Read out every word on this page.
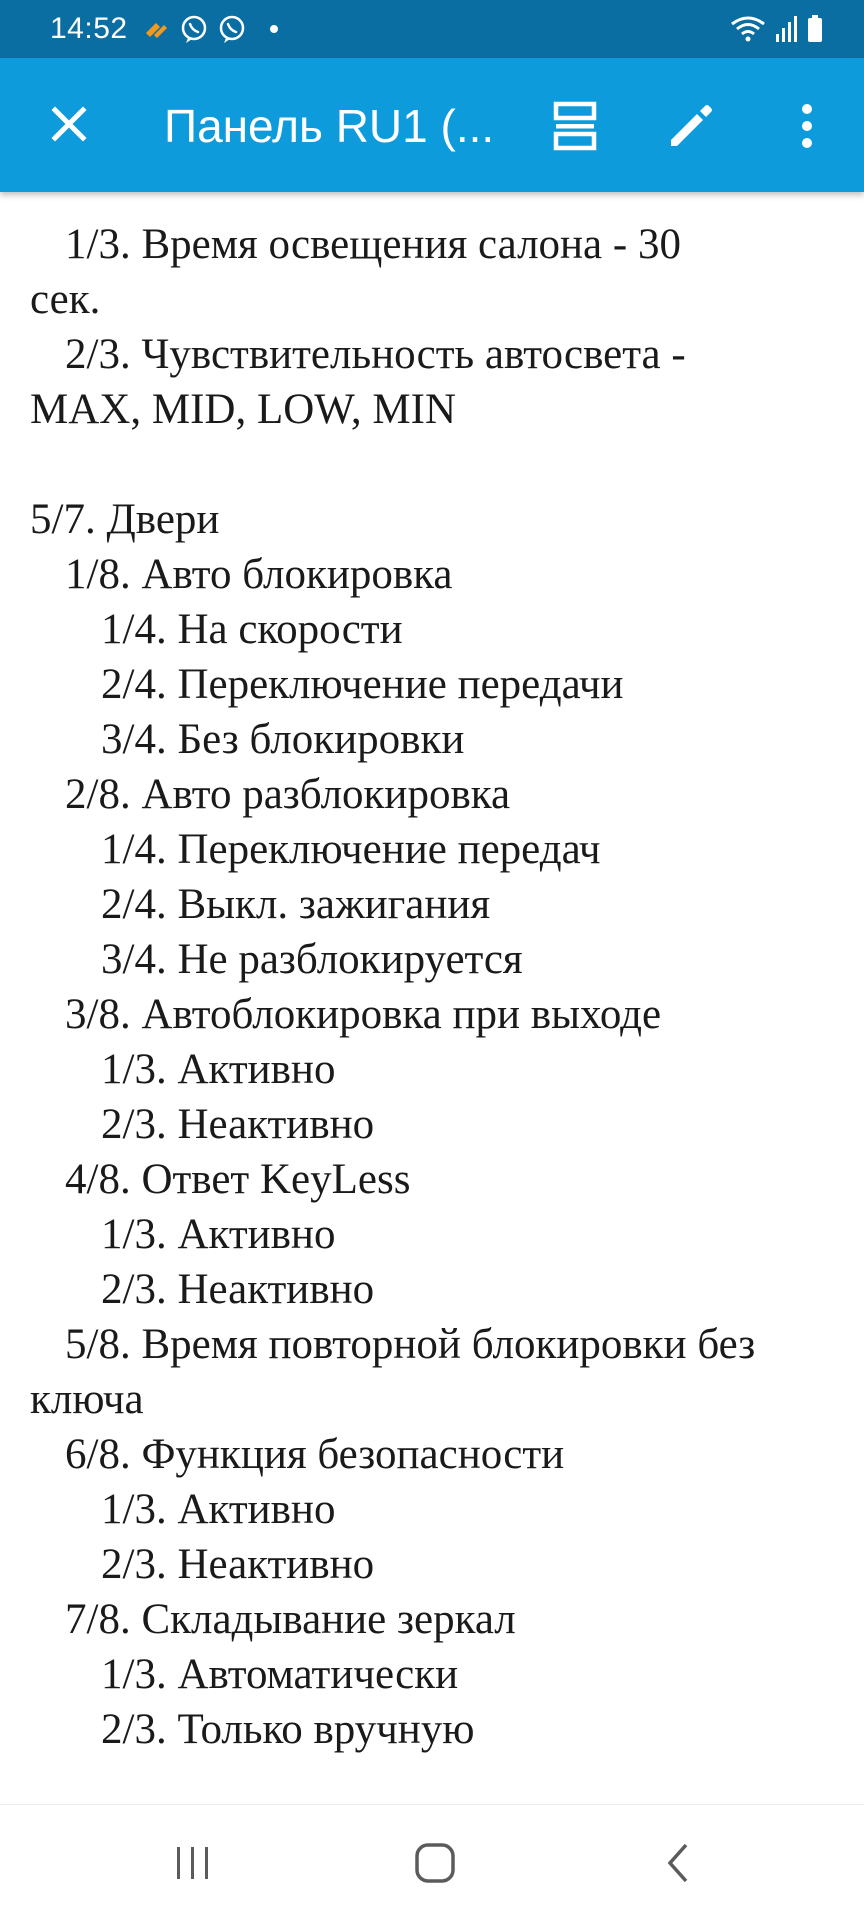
14:52
Панель RU1 (...
1/3. Время освещения салона - 30
сек.
2/3. Чувствительность автосвета -
MAX, MID, LOW, MIN
5/7. Двери
1/8. Авто блокировка
1/4. На скорости
2/4. Переключение передачи
3/4. Без блокировки
2/8. Авто разблокировка
1/4. Переключение передач
2/4. Выкл. зажигания
3/4. Не разблокируется
3/8. Автоблокировка при выходе
1/3. Активно
2/3. Неактивно
4/8. Ответ KeyLess
1/3. Активно
2/3. Неактивно
5/8. Время повторной блокировки без
ключа
6/8. Функция безопасности
1/3. Активно
2/3. Неактивно
7/8. Складывание зеркал
1/3. Автоматически
2/3. Только вручную
